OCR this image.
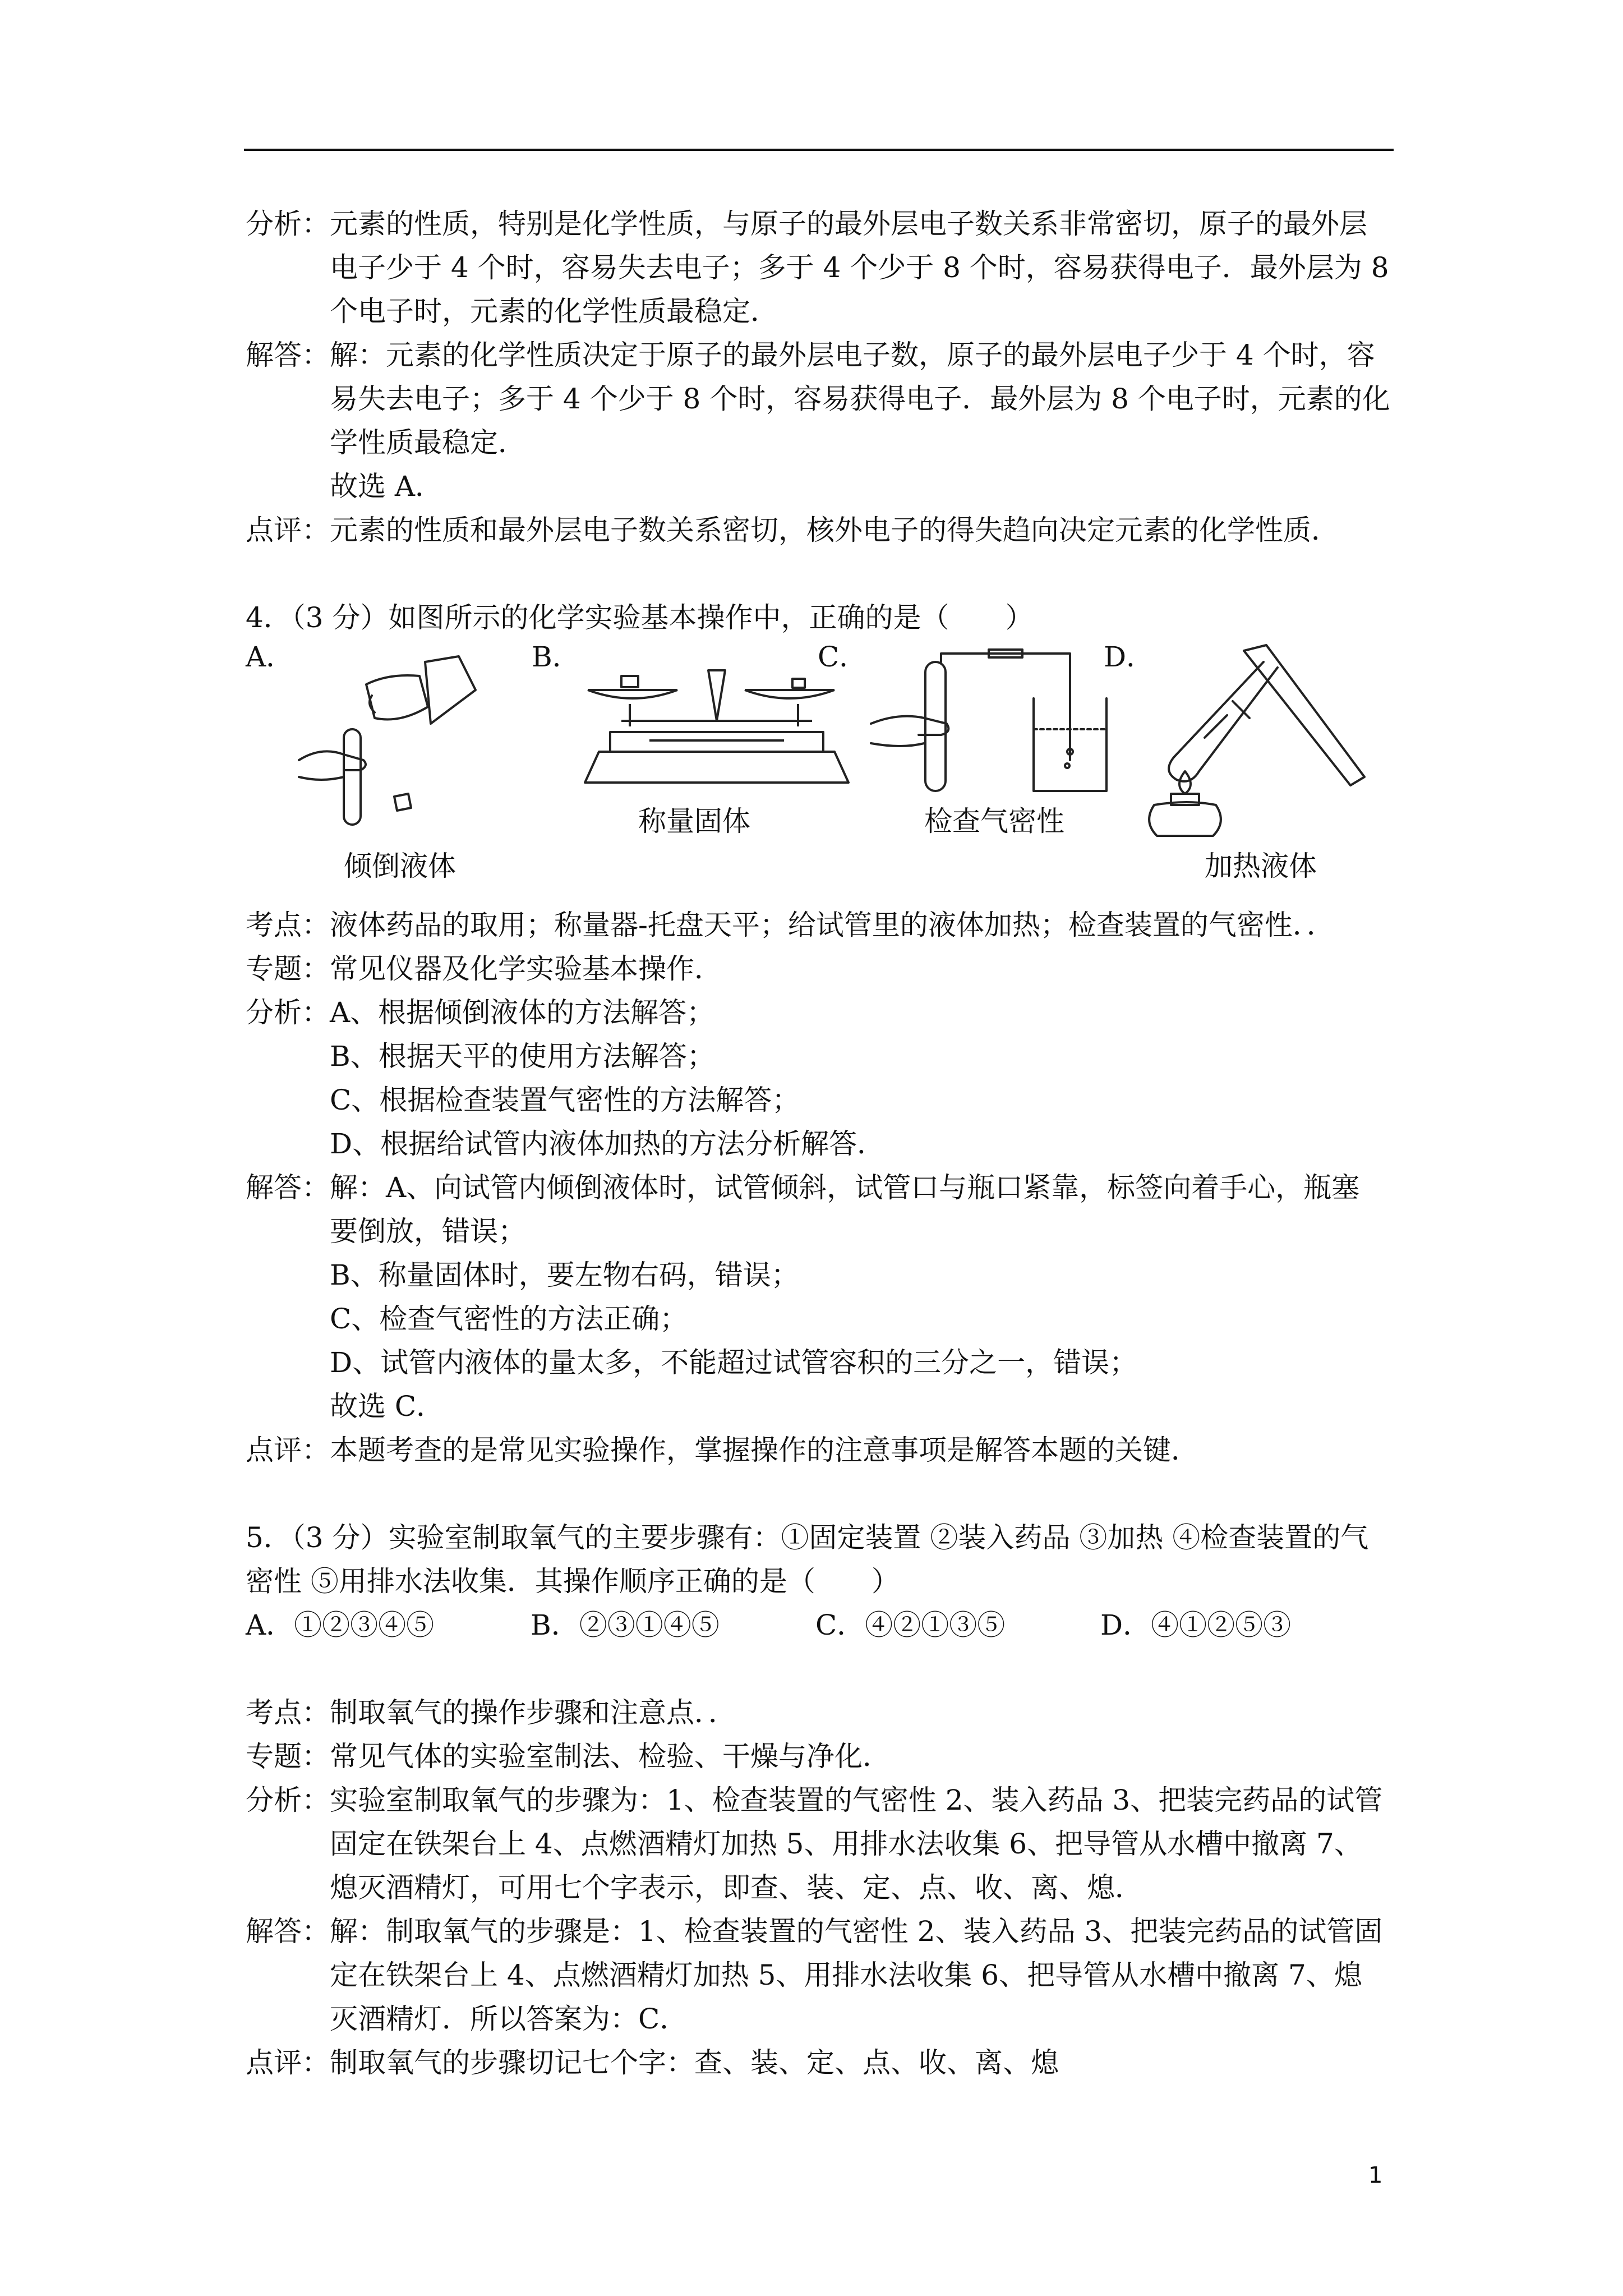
分析： 元素的性质，特别是化学性质，与原子的最外层电子数关系非常密切，原子的最外层

电子少于 4 个时，容易失去电子；多于 4 个少于 8 个时，容易获得电子．最外层为 8

个电子时，元素的化学性质最稳定．

解答： 解：元素的化学性质决定于原子的最外层电子数，原子的最外层电子少于 4 个时，容

易失去电子；多于 4 个少于 8 个时，容易获得电子．最外层为 8 个电子时，元素的化

学性质最稳定．

故选 A．

点评： 元素的性质和最外层电子数关系密切，核外电子的得失趋向决定元素的化学性质．

4．（3 分）如图所示的化学实验基本操作中，正确的是（　　）

A．
倾倒液体
B．
称量固体
C．
检查气密性
D．
加热液体
考点： 液体药品的取用；称量器-托盘天平；给试管里的液体加热；检查装置的气密性．．

专题： 常见仪器及化学实验基本操作．

分析： A、根据倾倒液体的方法解答；

B、根据天平的使用方法解答；

C、根据检查装置气密性的方法解答；

D、根据给试管内液体加热的方法分析解答．

解答： 解：A、向试管内倾倒液体时，试管倾斜，试管口与瓶口紧靠，标签向着手心，瓶塞

要倒放，错误；

B、称量固体时，要左物右码，错误；

C、检查气密性的方法正确；

D、试管内液体的量太多，不能超过试管容积的三分之一，错误；

故选 C．

点评： 本题考查的是常见实验操作，掌握操作的注意事项是解答本题的关键．

5．（3 分）实验室制取氧气的主要步骤有：①固定装置 ②装入药品 ③加热 ④检查装置的气

密性 ⑤用排水法收集．其操作顺序正确的是（　　）

A．①②③④⑤	B．②③①④⑤	C．④②①③⑤	D．④①②⑤③
考点： 制取氧气的操作步骤和注意点．．

专题： 常见气体的实验室制法、检验、干燥与净化．

分析： 实验室制取氧气的步骤为：1、检查装置的气密性 2、装入药品 3、把装完药品的试管

固定在铁架台上 4、点燃酒精灯加热 5、用排水法收集 6、把导管从水槽中撤离 7、

熄灭酒精灯，可用七个字表示，即查、装、定、点、收、离、熄．

解答： 解：制取氧气的步骤是：1、检查装置的气密性 2、装入药品 3、把装完药品的试管固

定在铁架台上 4、点燃酒精灯加热 5、用排水法收集 6、把导管从水槽中撤离 7、熄

灭酒精灯．所以答案为：C．

点评： 制取氧气的步骤切记七个字：查、装、定、点、收、离、熄

1
